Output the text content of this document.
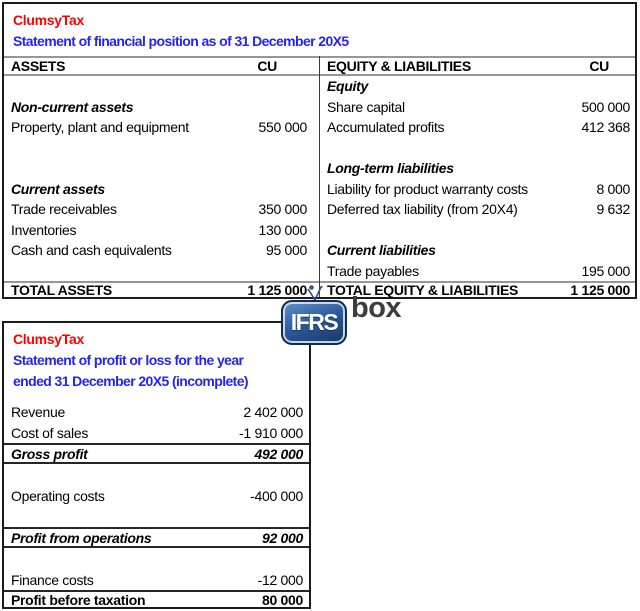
ClumsyTax
Statement of financial position as of 31 December 20X5
ASSETS	CU
Non-current assets
Property, plant and equipment	550 000
Current assets
Trade receivables	350 000
Inventories	130 000
Cash and cash equivalents	95 000
TOTAL ASSETS	1 125 000
EQUITY & LIABILITIES	CU
Equity
Share capital	500 000
Accumulated profits	412 368
Long-term liabilities
Liability for product warranty costs	8 000
Deferred tax liability (from 20X4)	9 632
Current liabilities
Trade payables	195 000
TOTAL EQUITY & LIABILITIES	1 125 000
ClumsyTax
Statement of profit or loss for the year
ended 31 December 20X5 (incomplete)
Revenue	2 402 000
Cost of sales	-1 910 000
Gross profit	492 000
Operating costs	-400 000
Profit from operations	92 000
Finance costs	-12 000
Profit before taxation	80 000
IFRS box
